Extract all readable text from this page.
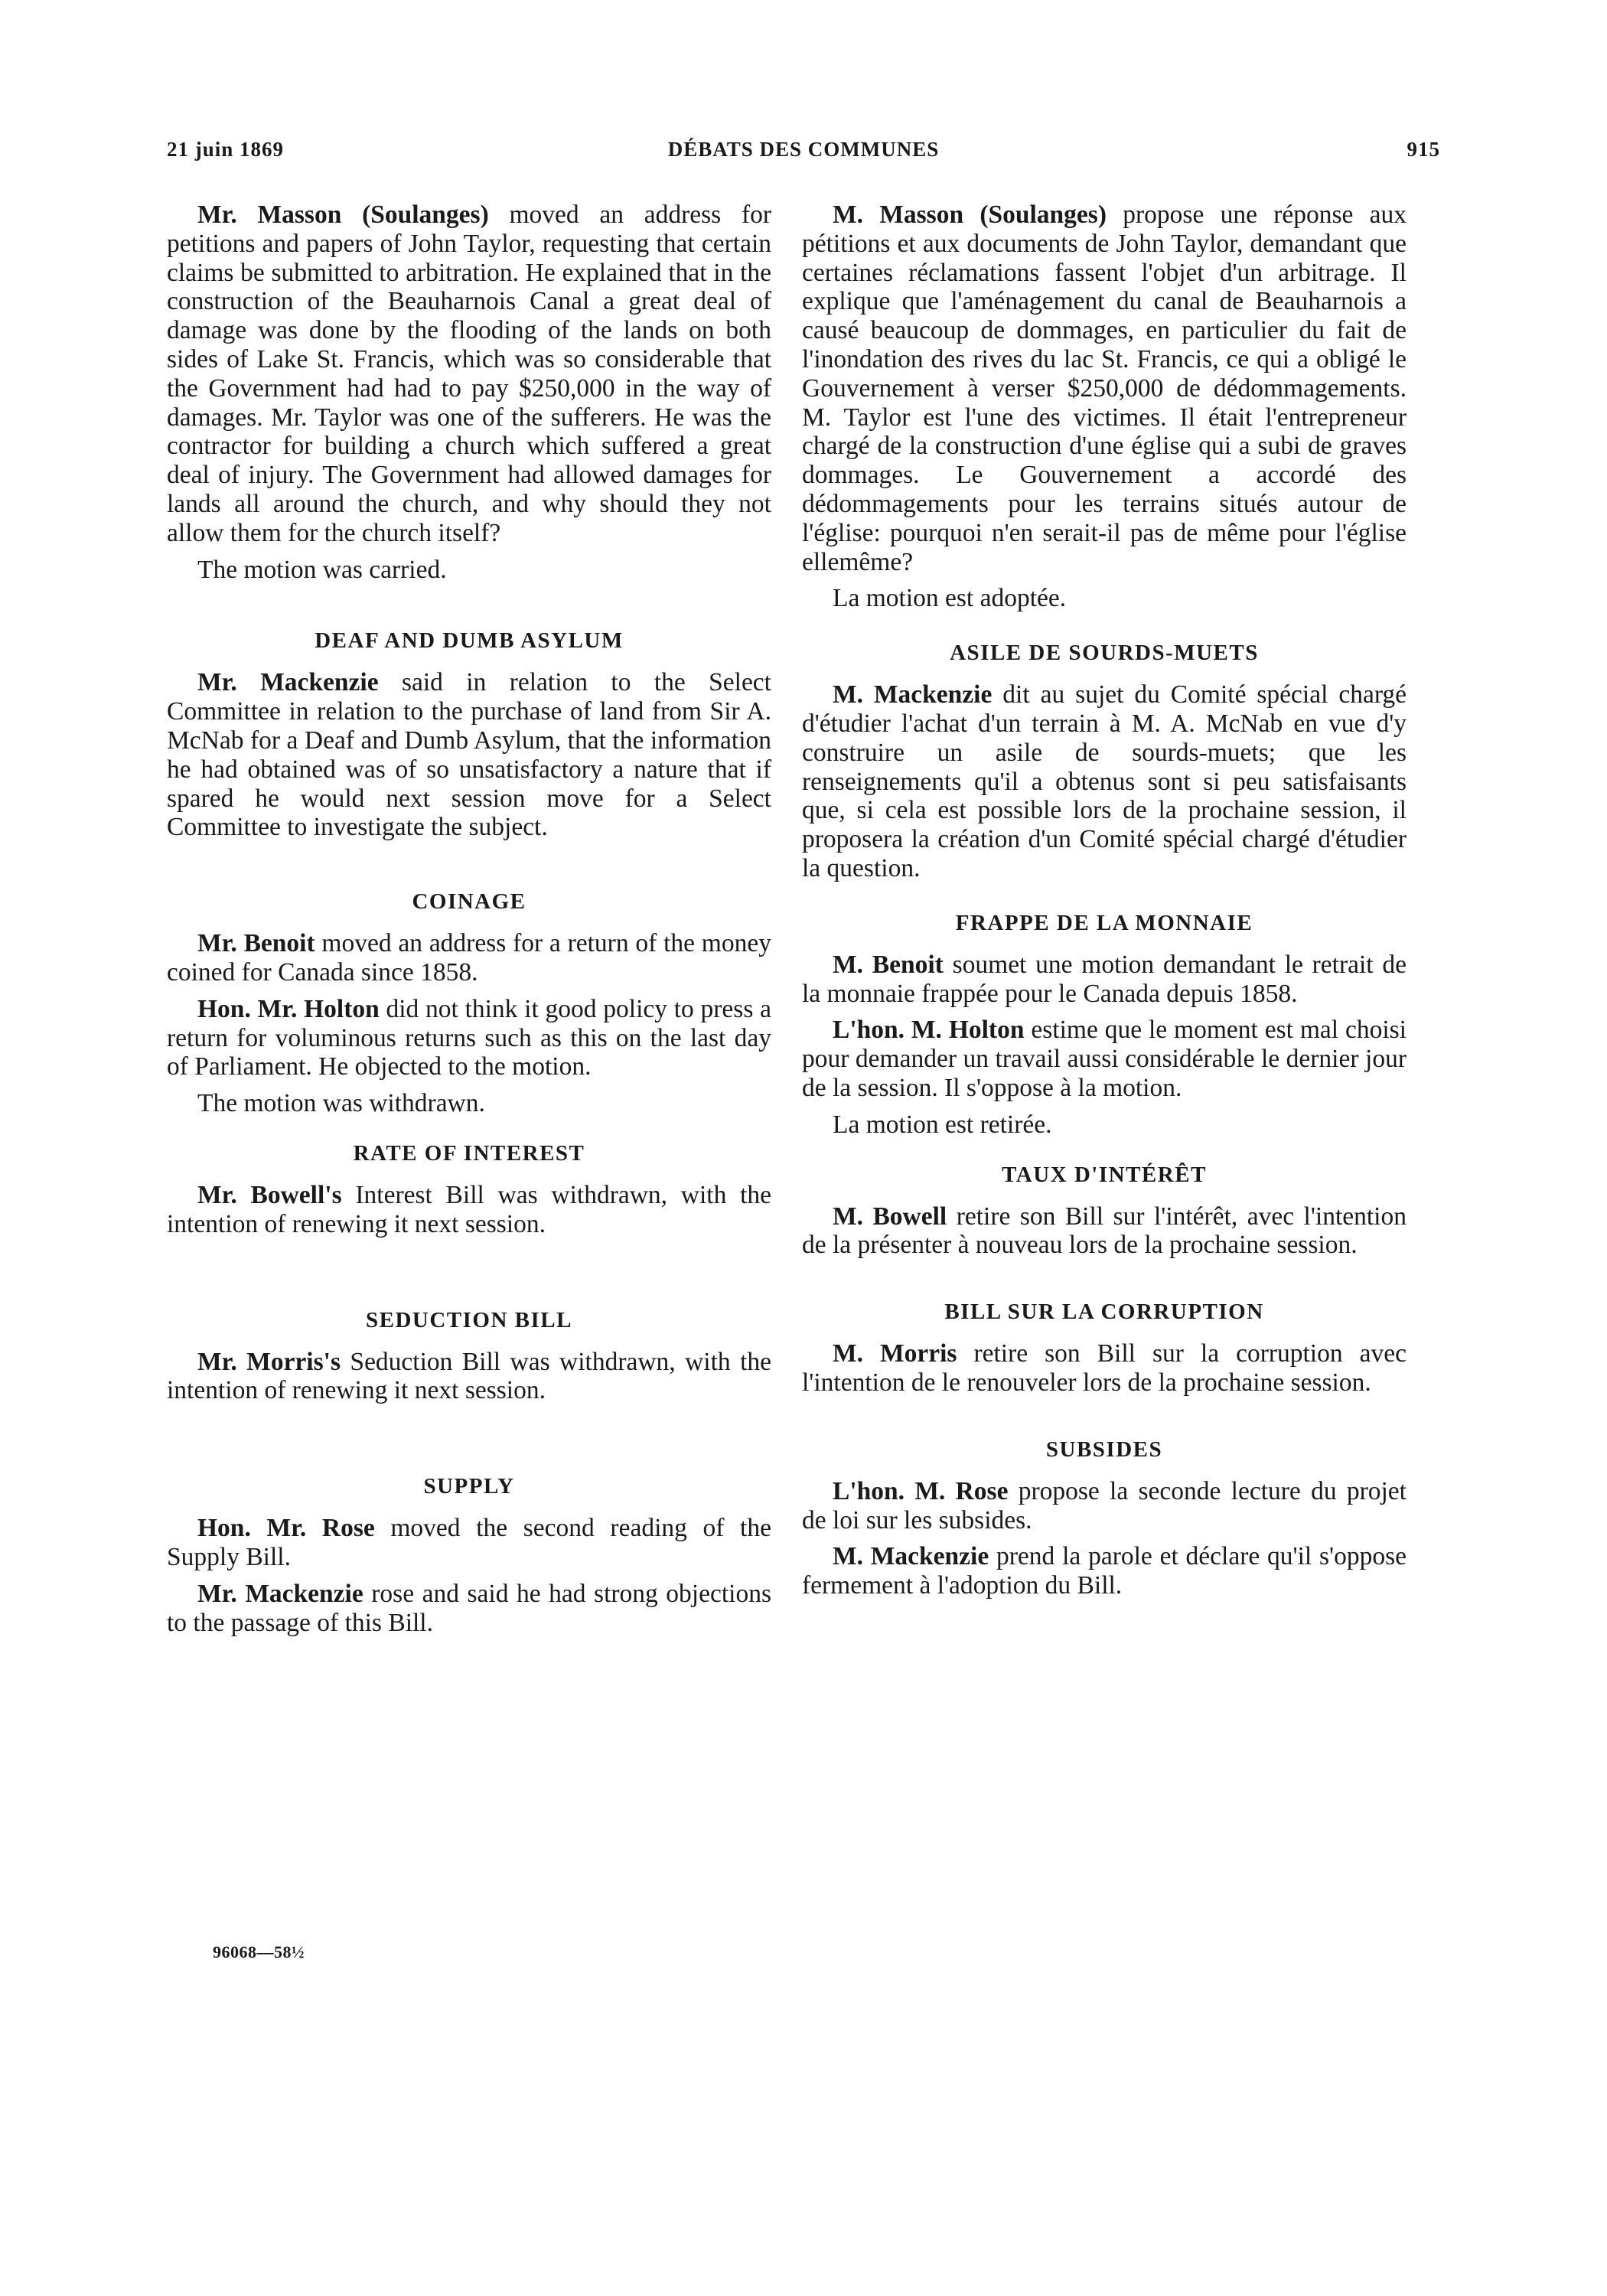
21 juin 1869	DÉBATS DES COMMUNES	915

Mr. Masson (Soulanges) moved an address for petitions and papers of John Taylor, requesting that certain claims be submitted to arbitration. He explained that in the construction of the Beauharnois Canal a great deal of damage was done by the flooding of the lands on both sides of Lake St. Francis, which was so considerable that the Government had had to pay $250,000 in the way of damages. Mr. Taylor was one of the sufferers. He was the contractor for building a church which suffered a great deal of injury. The Government had allowed damages for lands all around the church, and why should they not allow them for the church itself?

The motion was carried.

DEAF AND DUMB ASYLUM

Mr. Mackenzie said in relation to the Select Committee in relation to the purchase of land from Sir A. McNab for a Deaf and Dumb Asylum, that the information he had obtained was of so unsatisfactory a nature that if spared he would next session move for a Select Committee to investigate the subject.

COINAGE

Mr. Benoit moved an address for a return of the money coined for Canada since 1858.

Hon. Mr. Holton did not think it good policy to press a return for voluminous returns such as this on the last day of Parliament. He objected to the motion.

The motion was withdrawn.

RATE OF INTEREST

Mr. Bowell's Interest Bill was withdrawn, with the intention of renewing it next session.

SEDUCTION BILL

Mr. Morris's Seduction Bill was withdrawn, with the intention of renewing it next session.

SUPPLY

Hon. Mr. Rose moved the second reading of the Supply Bill.

Mr. Mackenzie rose and said he had strong objections to the passage of this Bill.

M. Masson (Soulanges) propose une réponse aux pétitions et aux documents de John Taylor, demandant que certaines réclamations fassent l'objet d'un arbitrage. Il explique que l'aménagement du canal de Beauharnois a causé beaucoup de dommages, en particulier du fait de l'inondation des rives du lac St. Francis, ce qui a obligé le Gouvernement à verser $250,000 de dédommagements. M. Taylor est l'une des victimes. Il était l'entrepreneur chargé de la construction d'une église qui a subi de graves dommages. Le Gouvernement a accordé des dédommagements pour les terrains situés autour de l'église: pourquoi n'en serait-il pas de même pour l'église ellemême?

La motion est adoptée.

ASILE DE SOURDS-MUETS

M. Mackenzie dit au sujet du Comité spécial chargé d'étudier l'achat d'un terrain à M. A. McNab en vue d'y construire un asile de sourds-muets; que les renseignements qu'il a obtenus sont si peu satisfaisants que, si cela est possible lors de la prochaine session, il proposera la création d'un Comité spécial chargé d'étudier la question.

FRAPPE DE LA MONNAIE

M. Benoit soumet une motion demandant le retrait de la monnaie frappée pour le Canada depuis 1858.

L'hon. M. Holton estime que le moment est mal choisi pour demander un travail aussi considérable le dernier jour de la session. Il s'oppose à la motion.

La motion est retirée.

TAUX D'INTÉRÊT

M. Bowell retire son Bill sur l'intérêt, avec l'intention de la présenter à nouveau lors de la prochaine session.

BILL SUR LA CORRUPTION

M. Morris retire son Bill sur la corruption avec l'intention de le renouveler lors de la prochaine session.

SUBSIDES

L'hon. M. Rose propose la seconde lecture du projet de loi sur les subsides.

M. Mackenzie prend la parole et déclare qu'il s'oppose fermement à l'adoption du Bill.

96068—58½
